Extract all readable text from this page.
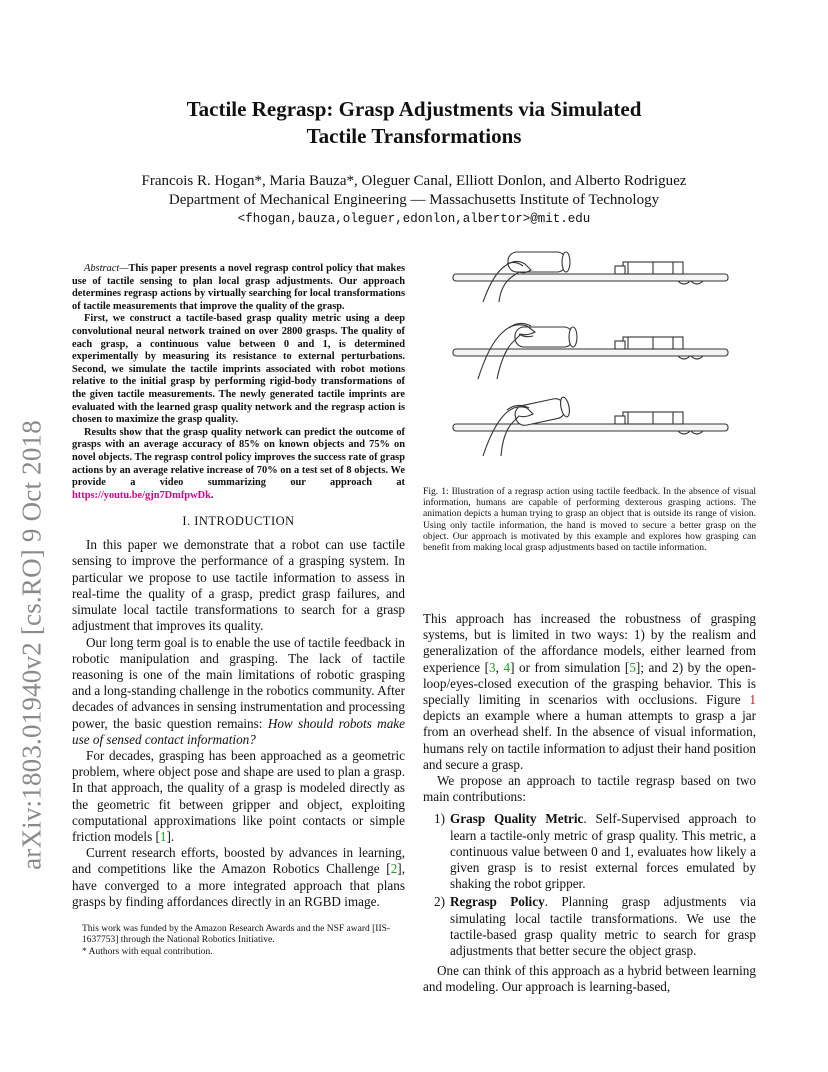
arXiv:1803.01940v2 [cs.RO] 9 Oct 2018
Tactile Regrasp: Grasp Adjustments via Simulated
Tactile Transformations
Francois R. Hogan*, Maria Bauza*, Oleguer Canal, Elliott Donlon, and Alberto Rodriguez
Department of Mechanical Engineering — Massachusetts Institute of Technology
<fhogan,bauza,oleguer,edonlon,albertor>@mit.edu

Abstract—This paper presents a novel regrasp control policy that makes use of tactile sensing to plan local grasp adjustments. Our approach determines regrasp actions by virtually searching for local transformations of tactile measurements that improve the quality of the grasp.

First, we construct a tactile-based grasp quality metric using a deep convolutional neural network trained on over 2800 grasps. The quality of each grasp, a continuous value between 0 and 1, is determined experimentally by measuring its resistance to external perturbations. Second, we simulate the tactile imprints associated with robot motions relative to the initial grasp by performing rigid-body transformations of the given tactile measurements. The newly generated tactile imprints are evaluated with the learned grasp quality network and the regrasp action is chosen to maximize the grasp quality.

Results show that the grasp quality network can predict the outcome of grasps with an average accuracy of 85% on known objects and 75% on novel objects. The regrasp control policy improves the success rate of grasp actions by an average relative increase of 70% on a test set of 8 objects. We provide a video summarizing our approach at https://youtu.be/gjn7DmfpwDk.

I. INTRODUCTION

In this paper we demonstrate that a robot can use tactile sensing to improve the performance of a grasping system. In particular we propose to use tactile information to assess in real-time the quality of a grasp, predict grasp failures, and simulate local tactile transformations to search for a grasp adjustment that improves its quality.

Our long term goal is to enable the use of tactile feedback in robotic manipulation and grasping. The lack of tactile reasoning is one of the main limitations of robotic grasping and a long-standing challenge in the robotics community. After decades of advances in sensing instrumentation and processing power, the basic question remains: How should robots make use of sensed contact information?

For decades, grasping has been approached as a geometric problem, where object pose and shape are used to plan a grasp. In that approach, the quality of a grasp is modeled directly as the geometric fit between gripper and object, exploiting computational approximations like point contacts or simple friction models [1].

Current research efforts, boosted by advances in learning, and competitions like the Amazon Robotics Challenge [2], have converged to a more integrated approach that plans grasps by finding affordances directly in an RGBD image.

This work was funded by the Amazon Research Awards and the NSF award [IIS-1637753] through the National Robotics Initiative.

* Authors with equal contribution.

Fig. 1: Illustration of a regrasp action using tactile feedback. In the absence of visual information, humans are capable of performing dexterous grasping actions. The animation depicts a human trying to grasp an object that is outside its range of vision. Using only tactile information, the hand is moved to secure a better grasp on the object. Our approach is motivated by this example and explores how grasping can benefit from making local grasp adjustments based on tactile information.

This approach has increased the robustness of grasping systems, but is limited in two ways: 1) by the realism and generalization of the affordance models, either learned from experience [3, 4] or from simulation [5]; and 2) by the open-loop/eyes-closed execution of the grasping behavior. This is specially limiting in scenarios with occlusions. Figure 1 depicts an example where a human attempts to grasp a jar from an overhead shelf. In the absence of visual information, humans rely on tactile information to adjust their hand position and secure a grasp.

We propose an approach to tactile regrasp based on two main contributions:

1) Grasp Quality Metric. Self-Supervised approach to learn a tactile-only metric of grasp quality. This metric, a continuous value between 0 and 1, evaluates how likely a given grasp is to resist external forces emulated by shaking the robot gripper.
2) Regrasp Policy. Planning grasp adjustments via simulating local tactile transformations. We use the tactile-based grasp quality metric to search for grasp adjustments that better secure the object grasp.

One can think of this approach as a hybrid between learning and modeling. Our approach is learning-based,
